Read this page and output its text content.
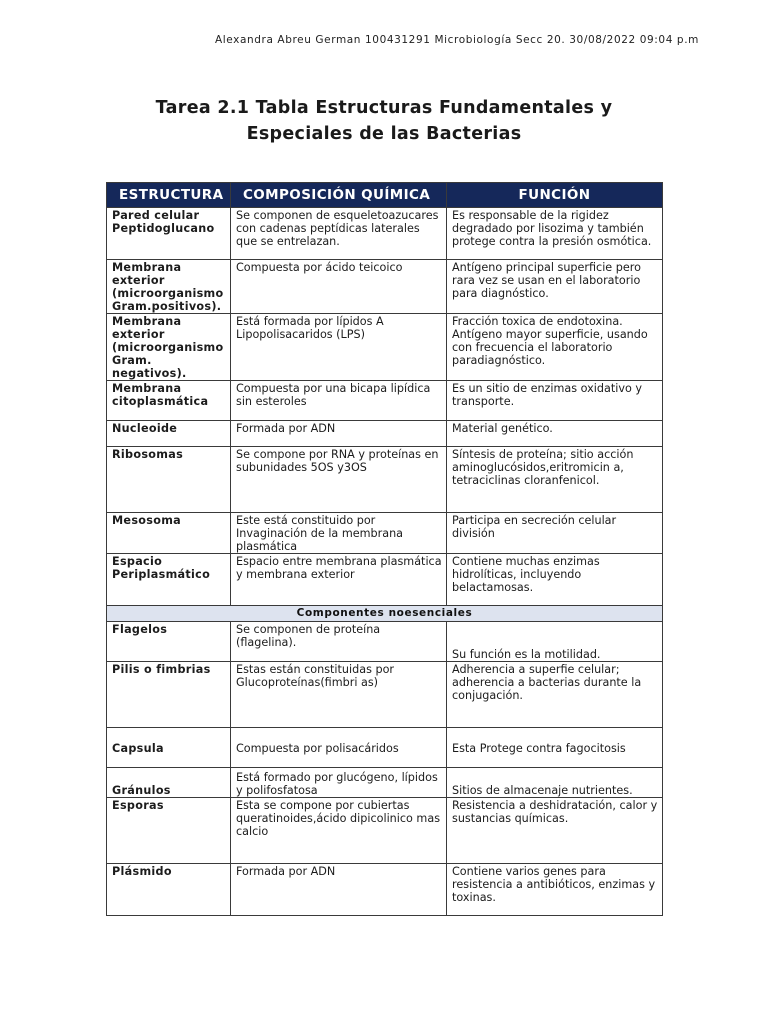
Alexandra Abreu German 100431291 Microbiología Secc 20. 30/08/2022 09:04 p.m
Tarea 2.1 Tabla Estructuras Fundamentales y
Especiales de las Bacterias
ESTRUCTURA	COMPOSICIÓN QUÍMICA	FUNCIÓN
Pared celular Peptidoglucano	Se componen de esqueletoazucares con cadenas peptídicas laterales que se entrelazan.	Es responsable de la rigidez degradado por lisozima y también protege contra la presión osmótica.
Membrana exterior (microorganismo Gram.positivos).	Compuesta por ácido teicoico	Antígeno principal superficie pero rara vez se usan en el laboratorio para diagnóstico.
Membrana exterior (microorganismo Gram. negativos).	Está formada por lípidos A Lipopolisacaridos (LPS)	Fracción toxica de endotoxina. Antígeno mayor superficie, usando con frecuencia el laboratorio paradiagnóstico.
Membrana citoplasmática	Compuesta por una bicapa lipídica sin esteroles	Es un sitio de enzimas oxidativo y transporte.
Nucleoide	Formada por ADN	Material genético.
Ribosomas	Se compone por RNA y proteínas en subunidades 5OS y3OS	Síntesis de proteína; sitio acción aminoglucósidos,eritromicin a, tetraciclinas cloranfenicol.
Mesosoma	Este está constituido por Invaginación de la membrana plasmática	Participa en secreción celular división
Espacio Periplasmático	Espacio entre membrana plasmática y membrana exterior	Contiene muchas enzimas hidrolíticas, incluyendo belactamosas.
Componentes noesenciales		
Flagelos	Se componen de proteína (flagelina).	Su función es la motilidad.
Pilis o fimbrias	Estas están constituidas por Glucoproteínas(fimbri as)	Adherencia a superfie celular; adherencia a bacterias durante la conjugación.
Capsula	Compuesta por polisacáridos	Esta Protege contra fagocitosis
Gránulos	Está formado por glucógeno, lípidos y polifosfatosa	Sitios de almacenaje nutrientes.
Esporas	Esta se compone por cubiertas queratinoides,ácido dipicolinico mas calcio	Resistencia a deshidratación, calor y sustancias químicas.
Plásmido	Formada por ADN	Contiene varios genes para resistencia a antibióticos, enzimas y toxinas.
